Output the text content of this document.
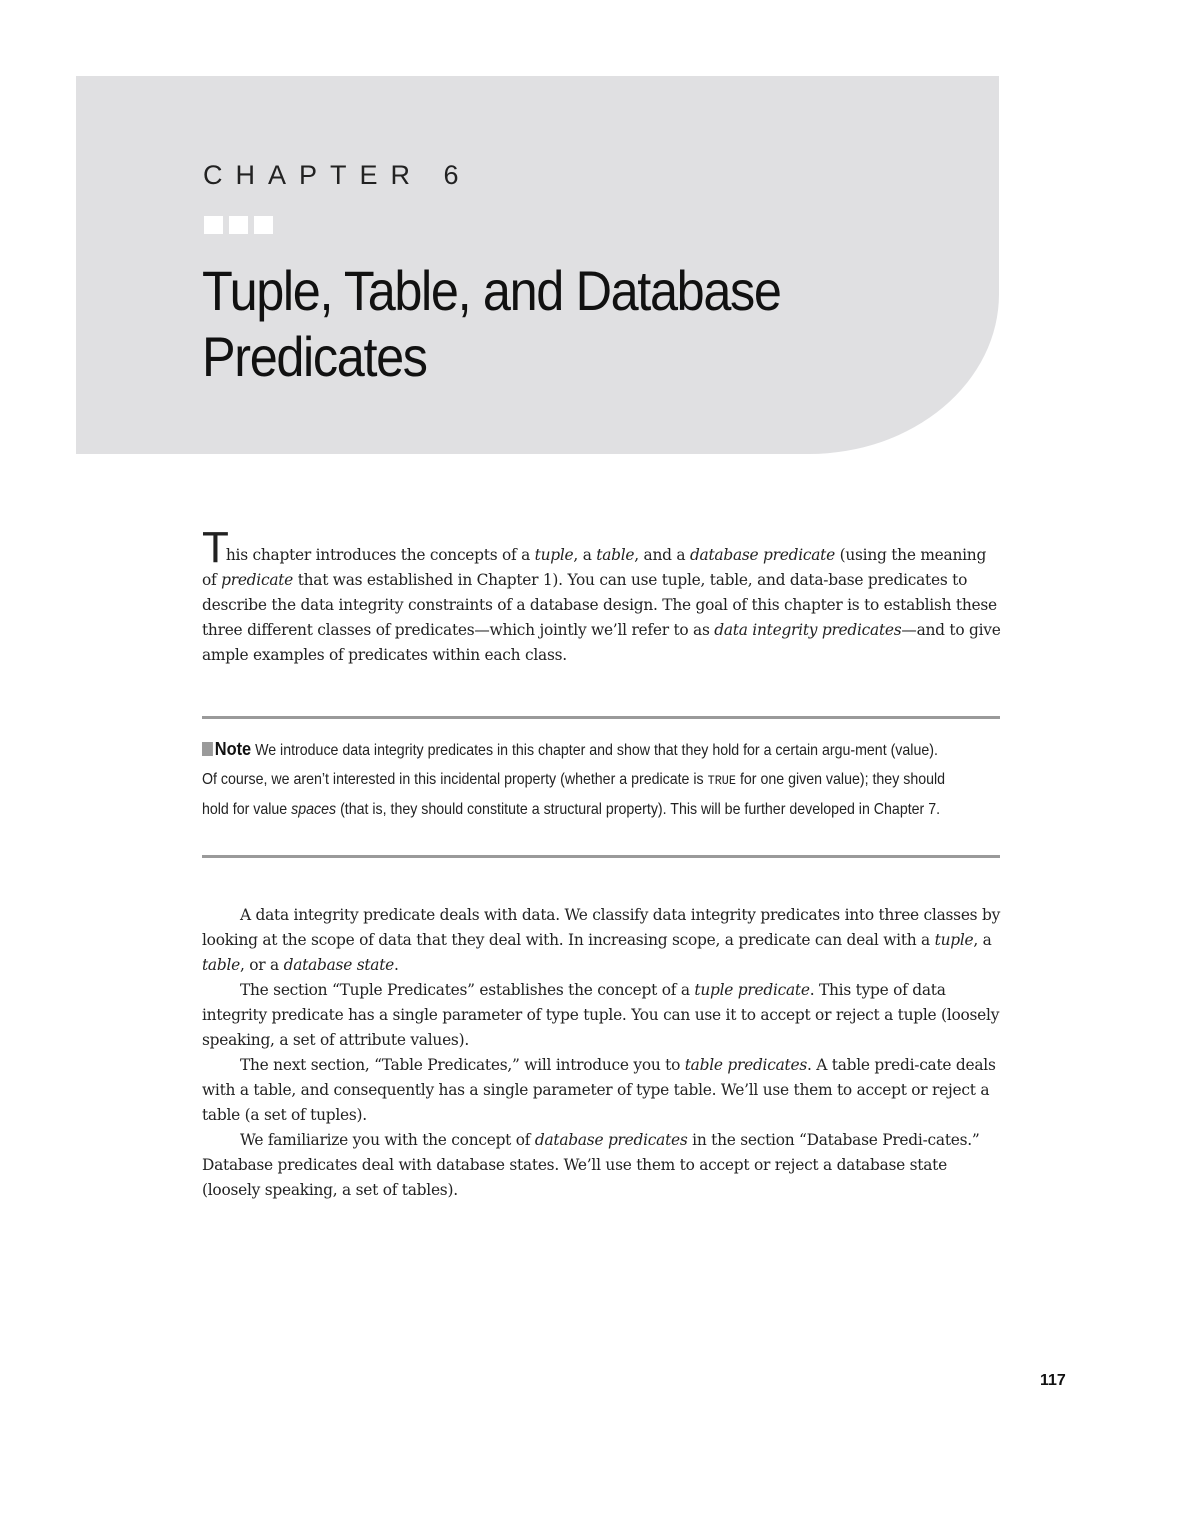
CHAPTER 6
Tuple, Table, and Database
Predicates

This chapter introduces the concepts of a tuple, a table, and a database predicate (using the meaning of predicate that was established in Chapter 1). You can use tuple, table, and data-base predicates to describe the data integrity constraints of a database design. The goal of this chapter is to establish these three different classes of predicates—which jointly we’ll refer to as data integrity predicates—and to give ample examples of predicates within each class.

Note We introduce data integrity predicates in this chapter and show that they hold for a certain argu-ment (value). Of course, we aren’t interested in this incidental property (whether a predicate is TRUE for one given value); they should hold for value spaces (that is, they should constitute a structural property). This will be further developed in Chapter 7.

A data integrity predicate deals with data. We classify data integrity predicates into three classes by looking at the scope of data that they deal with. In increasing scope, a predicate can deal with a tuple, a table, or a database state.

The section “Tuple Predicates” establishes the concept of a tuple predicate. This type of data integrity predicate has a single parameter of type tuple. You can use it to accept or reject a tuple (loosely speaking, a set of attribute values).

The next section, “Table Predicates,” will introduce you to table predicates. A table predi-cate deals with a table, and consequently has a single parameter of type table. We’ll use them to accept or reject a table (a set of tuples).

We familiarize you with the concept of database predicates in the section “Database Predi-cates.” Database predicates deal with database states. We’ll use them to accept or reject a database state (loosely speaking, a set of tables).

117
